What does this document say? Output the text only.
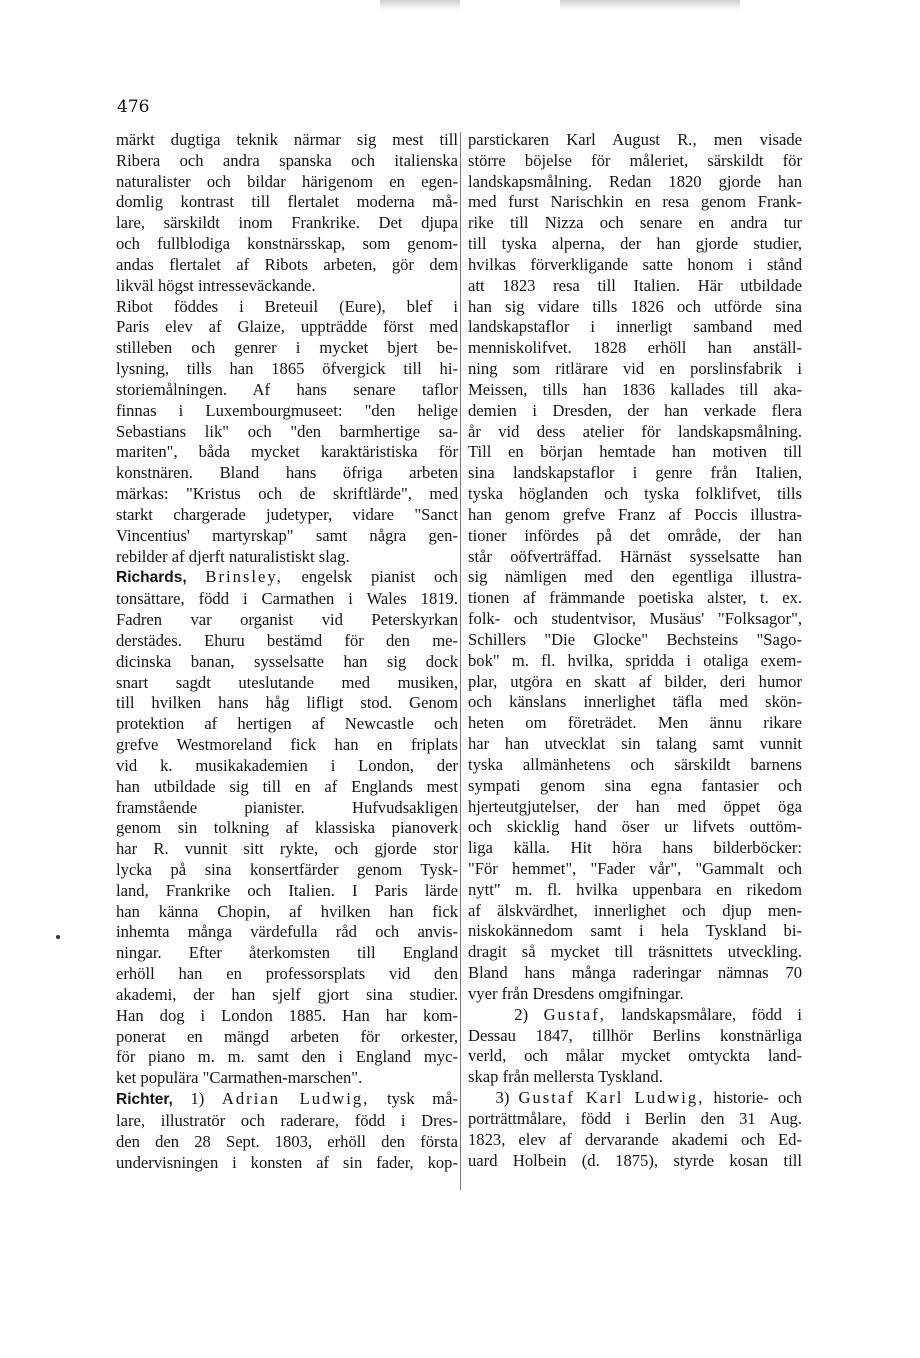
476
märkt dugtiga teknik närmar sig mest till
Ribera och andra spanska och italienska
naturalister och bildar härigenom en egen-
domlig kontrast till flertalet moderna må-
lare, särskildt inom Frankrike. Det djupa
och fullblodiga konstnärsskap, som genom-
andas flertalet af Ribots arbeten, gör dem
likväl högst intresseväckande.
Ribot föddes i Breteuil (Eure), blef i
Paris elev af Glaize, uppträdde först med
stilleben och genrer i mycket bjert be-
lysning, tills han 1865 öfvergick till hi-
storiemålningen. Af hans senare taflor
finnas i Luxembourgmuseet: "den helige
Sebastians lik" och "den barmhertige sa-
mariten", båda mycket karaktäristiska för
konstnären. Bland hans öfriga arbeten
märkas: "Kristus och de skriftlärde", med
starkt chargerade judetyper, vidare "Sanct
Vincentius' martyrskap" samt några gen-
rebilder af djerft naturalistiskt slag.
Richards, Brinsley, engelsk pianist och
tonsättare, född i Carmathen i Wales 1819.
Fadren var organist vid Peterskyrkan
derstädes. Ehuru bestämd för den me-
dicinska banan, sysselsatte han sig dock
snart sagdt uteslutande med musiken,
till hvilken hans håg lifligt stod. Genom
protektion af hertigen af Newcastle och
grefve Westmoreland fick han en friplats
vid k. musikakademien i London, der
han utbildade sig till en af Englands mest
framstående pianister. Hufvudsakligen
genom sin tolkning af klassiska pianoverk
har R. vunnit sitt rykte, och gjorde stor
lycka på sina konsertfärder genom Tysk-
land, Frankrike och Italien. I Paris lärde
han känna Chopin, af hvilken han fick
inhemta många värdefulla råd och anvis-
ningar. Efter återkomsten till England
erhöll han en professorsplats vid den
akademi, der han sjelf gjort sina studier.
Han dog i London 1885. Han har kom-
ponerat en mängd arbeten för orkester,
för piano m. m. samt den i England myc-
ket populära "Carmathen-marschen".
Richter, 1) Adrian Ludwig, tysk må-
lare, illustratör och raderare, född i Dres-
den den 28 Sept. 1803, erhöll den första
undervisningen i konsten af sin fader, kop-
parstickaren Karl August R., men visade
större böjelse för måleriet, särskildt för
landskapsmålning. Redan 1820 gjorde han
med furst Narischkin en resa genom Frank-
rike till Nizza och senare en andra tur
till tyska alperna, der han gjorde studier,
hvilkas förverkligande satte honom i stånd
att 1823 resa till Italien. Här utbildade
han sig vidare tills 1826 och utförde sina
landskapstaflor i innerligt samband med
menniskolifvet. 1828 erhöll han anställ-
ning som ritlärare vid en porslinsfabrik i
Meissen, tills han 1836 kallades till aka-
demien i Dresden, der han verkade flera
år vid dess atelier för landskapsmålning.
Till en början hemtade han motiven till
sina landskapstaflor i genre från Italien,
tyska höglanden och tyska folklifvet, tills
han genom grefve Franz af Poccis illustra-
tioner infördes på det område, der han
står oöfverträffad. Härnäst sysselsatte han
sig nämligen med den egentliga illustra-
tionen af främmande poetiska alster, t. ex.
folk- och studentvisor, Musäus' "Folksagor",
Schillers "Die Glocke" Bechsteins "Sago-
bok" m. fl. hvilka, spridda i otaliga exem-
plar, utgöra en skatt af bilder, deri humor
och känslans innerlighet täfla med skön-
heten om företrädet. Men ännu rikare
har han utvecklat sin talang samt vunnit
tyska allmänhetens och särskildt barnens
sympati genom sina egna fantasier och
hjerteutgjutelser, der han med öppet öga
och skicklig hand öser ur lifvets outtöm-
liga källa. Hit höra hans bilderböcker:
"För hemmet", "Fader vår", "Gammalt och
nytt" m. fl. hvilka uppenbara en rikedom
af älskvärdhet, innerlighet och djup men-
niskokännedom samt i hela Tyskland bi-
dragit så mycket till träsnittets utveckling.
Bland hans många raderingar nämnas 70
vyer från Dresdens omgifningar.
2) Gustaf, landskapsmålare, född i
Dessau 1847, tillhör Berlins konstnärliga
verld, och målar mycket omtyckta land-
skap från mellersta Tyskland.
3) Gustaf Karl Ludwig, historie- och
porträttmålare, född i Berlin den 31 Aug.
1823, elev af dervarande akademi och Ed-
uard Holbein (d. 1875), styrde kosan till
